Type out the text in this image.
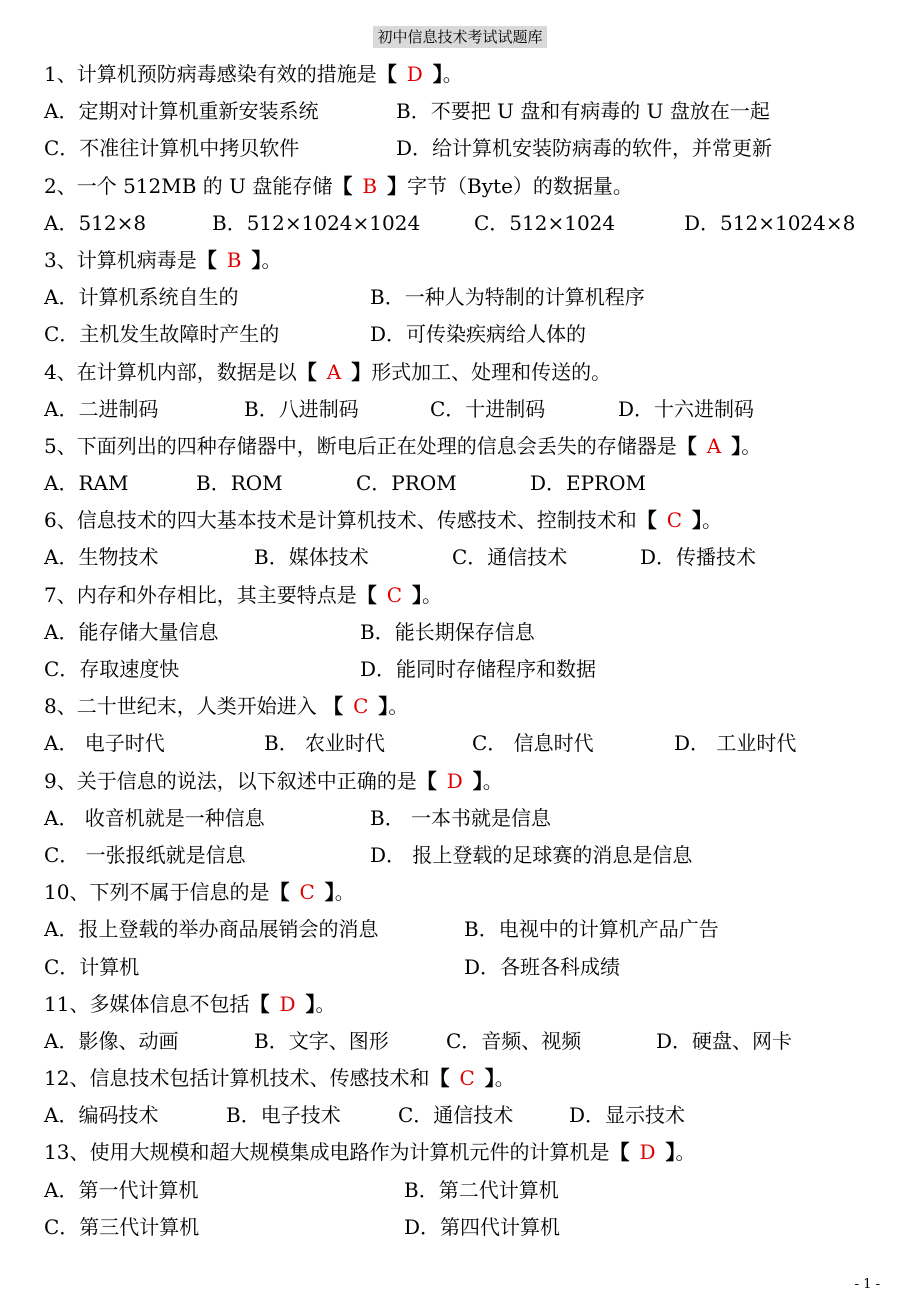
初中信息技术考试试题库
1、计算机预防病毒感染有效的措施是【 D 】。
A．定期对计算机重新安装系统	B．不要把 U 盘和有病毒的 U 盘放在一起
C．不准往计算机中拷贝软件	D．给计算机安装防病毒的软件，并常更新
2、一个 512MB 的 U 盘能存储【 B 】字节（Byte）的数据量。
A．512×8	B．512×1024×1024	C．512×1024	D．512×1024×8
3、计算机病毒是【 B 】。
A．计算机系统自生的	B．一种人为特制的计算机程序
C．主机发生故障时产生的	D．可传染疾病给人体的
4、在计算机内部，数据是以【 A 】形式加工、处理和传送的。
A．二进制码	B．八进制码	C．十进制码	D．十六进制码
5、下面列出的四种存储器中，断电后正在处理的信息会丢失的存储器是【 A 】。
A．RAM	B．ROM	C．PROM	D．EPROM
6、信息技术的四大基本技术是计算机技术、传感技术、控制技术和【 C 】。
A．生物技术	B．媒体技术	C．通信技术	D．传播技术
7、内存和外存相比，其主要特点是【 C 】。
A．能存储大量信息	B．能长期保存信息
C．存取速度快	D．能同时存储程序和数据
8、二十世纪末，人类开始进入 【 C 】。
A． 电子时代	B． 农业时代	C． 信息时代	D． 工业时代
9、关于信息的说法，以下叙述中正确的是【 D 】。
A． 收音机就是一种信息	B． 一本书就是信息
C． 一张报纸就是信息	D． 报上登载的足球赛的消息是信息
10、下列不属于信息的是【 C 】。
A．报上登载的举办商品展销会的消息	B．电视中的计算机产品广告
C．计算机	D．各班各科成绩
11、多媒体信息不包括【 D 】。
A．影像、动画	B．文字、图形	C．音频、视频	D．硬盘、网卡
12、信息技术包括计算机技术、传感技术和【 C 】。
A．编码技术	B．电子技术	C．通信技术	D．显示技术
13、使用大规模和超大规模集成电路作为计算机元件的计算机是【 D 】。
A．第一代计算机	B．第二代计算机
C．第三代计算机	D．第四代计算机
- 1 -
